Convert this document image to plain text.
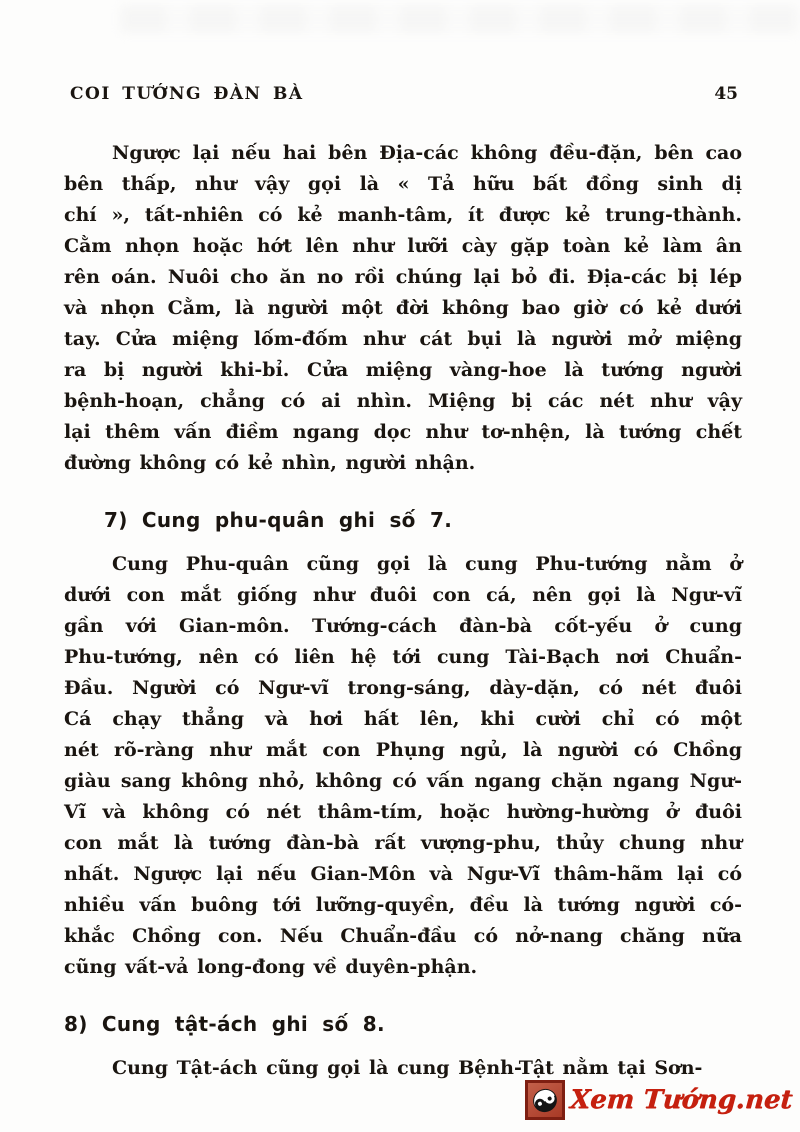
COI TƯỚNG ĐÀN BÀ	45
Ngược lại nếu hai bên Địa-các không đều-đặn, bên cao
bên thấp, như vậy gọi là « Tả hữu bất đồng sinh dị
chí », tất-nhiên có kẻ manh-tâm, ít được kẻ trung-thành.
Cằm nhọn hoặc hớt lên như lưỡi cày gặp toàn kẻ làm ân
rên oán. Nuôi cho ăn no rồi chúng lại bỏ đi. Địa-các bị lép
và nhọn Cằm, là người một đời không bao giờ có kẻ dưới
tay. Cửa miệng lốm-đốm như cát bụi là người mở miệng
ra bị người khi-bỉ. Cửa miệng vàng-hoe là tướng người
bệnh-hoạn, chẳng có ai nhìn. Miệng bị các nét như vậy
lại thêm vấn điềm ngang dọc như tơ-nhện, là tướng chết
đường không có kẻ nhìn, người nhận.
7) Cung phu-quân ghi số 7.
Cung Phu-quân cũng gọi là cung Phu-tướng nằm ở
dưới con mắt giống như đuôi con cá, nên gọi là Ngư-vĩ
gần với Gian-môn. Tướng-cách đàn-bà cốt-yếu ở cung
Phu-tướng, nên có liên hệ tới cung Tài-Bạch nơi Chuẩn-
Đầu. Người có Ngư-vĩ trong-sáng, dày-dặn, có nét đuôi
Cá chạy thẳng và hơi hất lên, khi cười chỉ có một
nét rõ-ràng như mắt con Phụng ngủ, là người có Chồng
giàu sang không nhỏ, không có vấn ngang chặn ngang Ngư-
Vĩ và không có nét thâm-tím, hoặc hường-hường ở đuôi
con mắt là tướng đàn-bà rất vượng-phu, thủy chung như
nhất. Ngược lại nếu Gian-Môn và Ngư-Vĩ thâm-hãm lại có
nhiều vấn buông tới lưỡng-quyền, đều là tướng người có-
khắc Chồng con. Nếu Chuẩn-đầu có nở-nang chăng nữa
cũng vất-vả long-đong về duyên-phận.
8) Cung tật-ách ghi số 8.
Cung Tật-ách cũng gọi là cung Bệnh-Tật nằm tại Sơn-
Xem Tướng.net
